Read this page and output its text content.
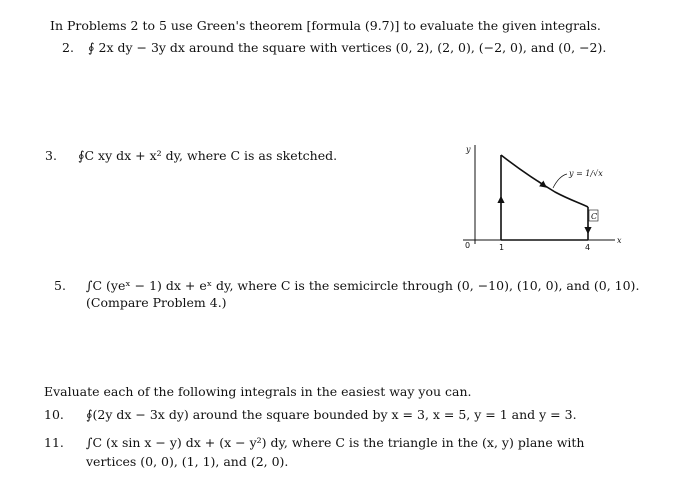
In Problems 2 to 5 use Green's theorem [formula (9.7)] to evaluate the given integrals.
2. ∮ 2x dy − 3y dx around the square with vertices (0, 2), (2, 0), (−2, 0), and (0, −2).
3. ∮C xy dx + x² dy, where C is as sketched.	y
x
0	1	4
y = 1/√x
C
5. ∫C (yeˣ − 1) dx + eˣ dy, where C is the semicircle through (0, −10), (10, 0), and (0, 10).
(Compare Problem 4.)
Evaluate each of the following integrals in the easiest way you can.
10. ∮(2y dx − 3x dy) around the square bounded by x = 3, x = 5, y = 1 and y = 3.
11. ∫C (x sin x − y) dx + (x − y²) dy, where C is the triangle in the (x, y) plane with
vertices (0, 0), (1, 1), and (2, 0).
